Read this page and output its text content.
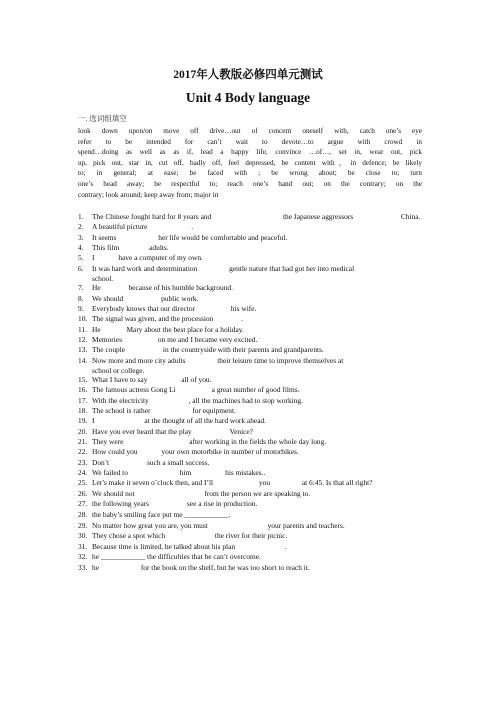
2017年人教版必修四单元测试
Unit 4 Body language
一. 选词组填空
look down upon/on move off drive…out of concern oneself with, catch one’s eye
refer to be intended for can’t wait to devote…to argue with crowd in
spend…doing as well as as if, lead a happy life, convince …of…, set in, wear out, pick
up, pick out, star in, cut off, badly off, feel depressed, be content with，in defence; be likely
to; in general; at ease; be faced with ; be wrong about; be close to; turn
one’s head away; be respectful to; reach one’s hand out; on the contrary; on the
contrary; look around; keep away from; major in
1. The Chinese fought hard for 8 years and	the Japanese aggressors	China.
2. A beautiful picture	.
3. It seems	her life would be comfortable and peaceful.
4. This film	adults.
5. I	have a computer of my own.
6. It was hard work and determination	gentle nature that had got her into medical
school.
7. He	because of his humble background.
8. We should	public work.
9. Everybody knows that our director	his wife.
10. The signal was given, and the procession	.
11. He	Mary about the best place for a holiday.
12. Memories	on me and I became very excited.
13. The couple	in the countryside with their parents and grandparents.
14. Now more and more city adults	their leisure time to improve themselves at
school or college.
15. What I have to say	all of you.
16. The famous actress Gong Li	a great number of good films.
17. With the electricity	, all the machines had to stop working.
18. The school is rather	for equipment.
19. I	at the thought of all the hard work ahead.
20. Have you ever heard that the play	Venice?
21. They were	after working in the fields the whole day long.
22. How could you	your own motorbike in number of motorbikes.
23. Don’t	such a small success.
24. We failed to	him	his mistakes..
25. Let’s make it seven o’clock then, and I’ll	you	at 6:45. Is that all right?
26. We should not	from the person we are speaking to.
27. the following years	see a rise in production.
28. the baby’s smiling face put me ____________.
29. No matter how great you are, you must	your parents and teachers.
30. They chose a spot which	the river for their picnic.
31. Because time is limited, he talked about his plan	.
32. he ____________ the difficulties that he can’t overcome.
33. he	for the book on the shelf, but he was too short to reach it.
